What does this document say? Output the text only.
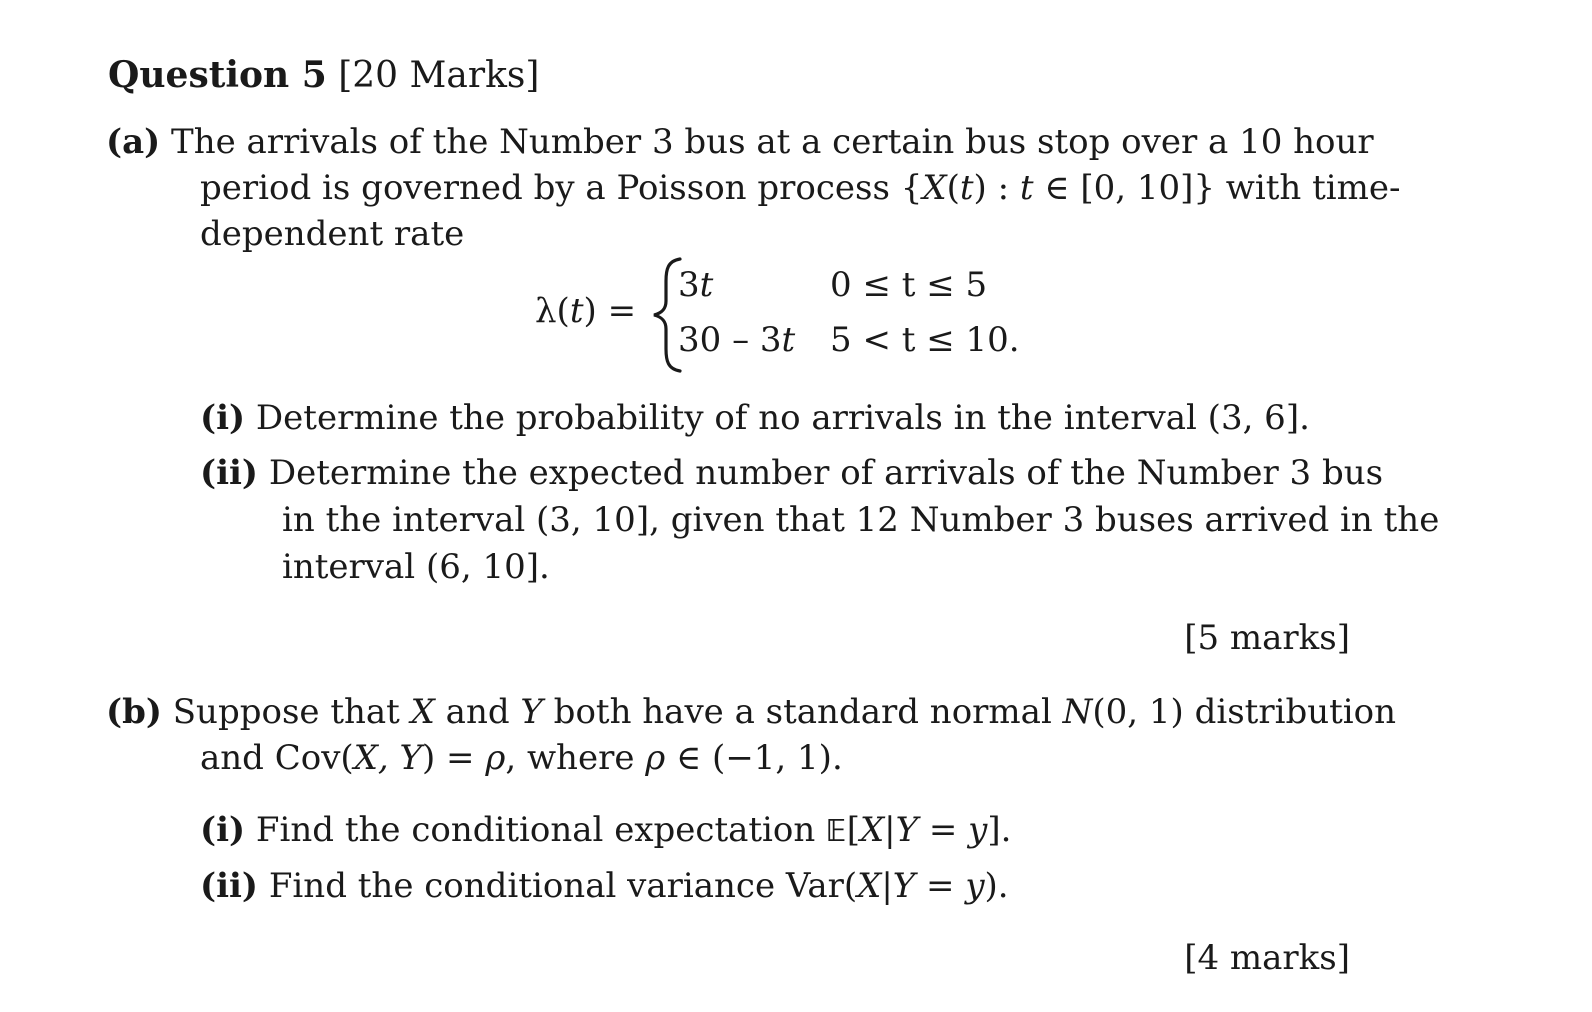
Question 5 [20 Marks]
(a) The arrivals of the Number 3 bus at a certain bus stop over a 10 hour
period is governed by a Poisson process {X(t) : t ∈ [0, 10]} with time-
dependent rate
λ(t) =
3t	0 ≤ t ≤ 5
30 – 3t 5 < t ≤ 10.
(i) Determine the probability of no arrivals in the interval (3, 6].
(ii) Determine the expected number of arrivals of the Number 3 bus
in the interval (3, 10], given that 12 Number 3 buses arrived in the
interval (6, 10].
[5 marks]
(b) Suppose that X and Y both have a standard normal N(0, 1) distribution
and Cov(X, Y) = ρ, where ρ ∈ (−1, 1).
(i) Find the conditional expectation 𝔼[X|Y = y].
(ii) Find the conditional variance Var(X|Y = y).
[4 marks]
